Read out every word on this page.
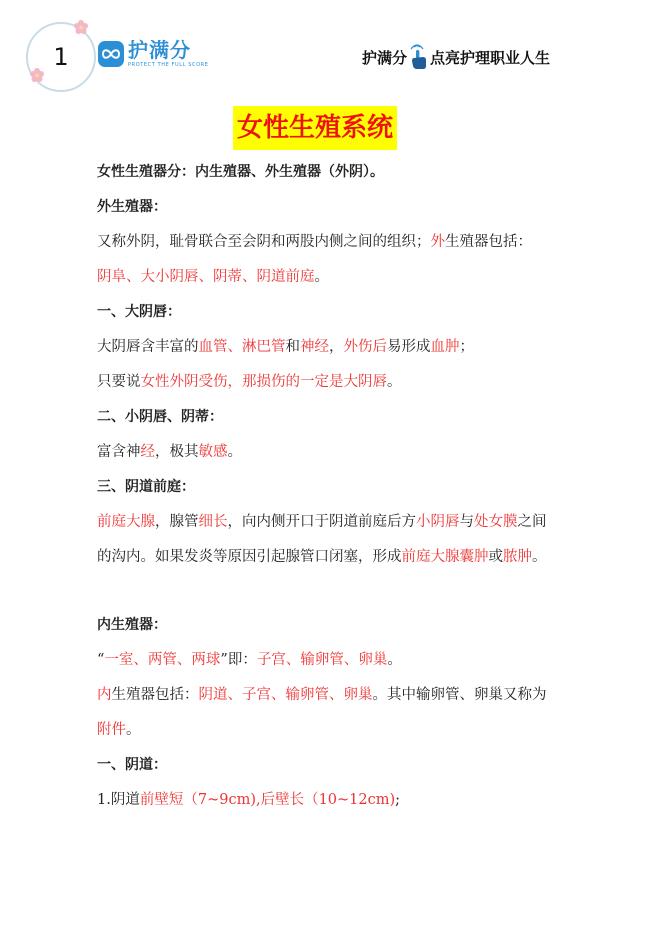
1	护满分
PROTECT THE FULL SCORE	护满分 点亮护理职业人生
女性生殖系统
女性生殖器分：内生殖器、外生殖器（外阴）。
外生殖器：
又称外阴，耻骨联合至会阴和两股内侧之间的组织；外生殖器包括：
阴阜、大小阴唇、阴蒂、阴道前庭。
一、大阴唇：
大阴唇含丰富的血管、淋巴管和神经，外伤后易形成血肿；
只要说女性外阴受伤，那损伤的一定是大阴唇。
二、小阴唇、阴蒂：
富含神经，极其敏感。
三、阴道前庭：
前庭大腺，腺管细长，向内侧开口于阴道前庭后方小阴唇与处女膜之间的沟内。如果发炎等原因引起腺管口闭塞，形成前庭大腺囊肿或脓肿。
内生殖器：
“一室、两管、两球”即：子宫、输卵管、卵巢。
内生殖器包括：阴道、子宫、输卵管、卵巢。其中输卵管、卵巢又称为附件。
一、阴道：
1.阴道前壁短（7~9cm),后壁长（10~12cm);
